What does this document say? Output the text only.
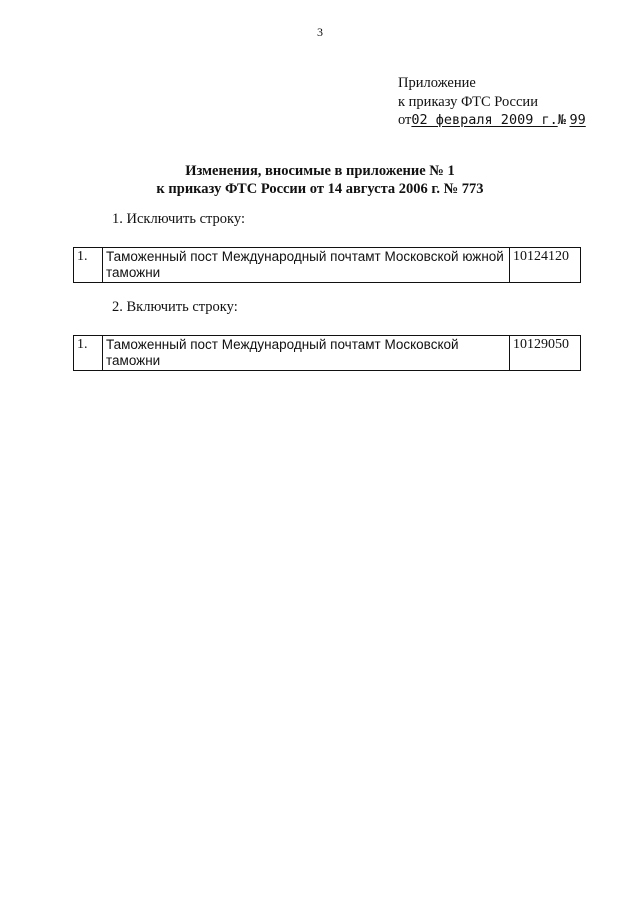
3
Приложение
к приказу ФТС России
от02 февраля 2009 г.№ 99
Изменения, вносимые в приложение № 1
к приказу ФТС России от 14 августа 2006 г. № 773
1. Исключить строку:
1.	Таможенный пост Международный почтамт Московской южной таможни	10124120
2. Включить строку:
1.	Таможенный пост Международный почтамт Московской таможни	10129050
